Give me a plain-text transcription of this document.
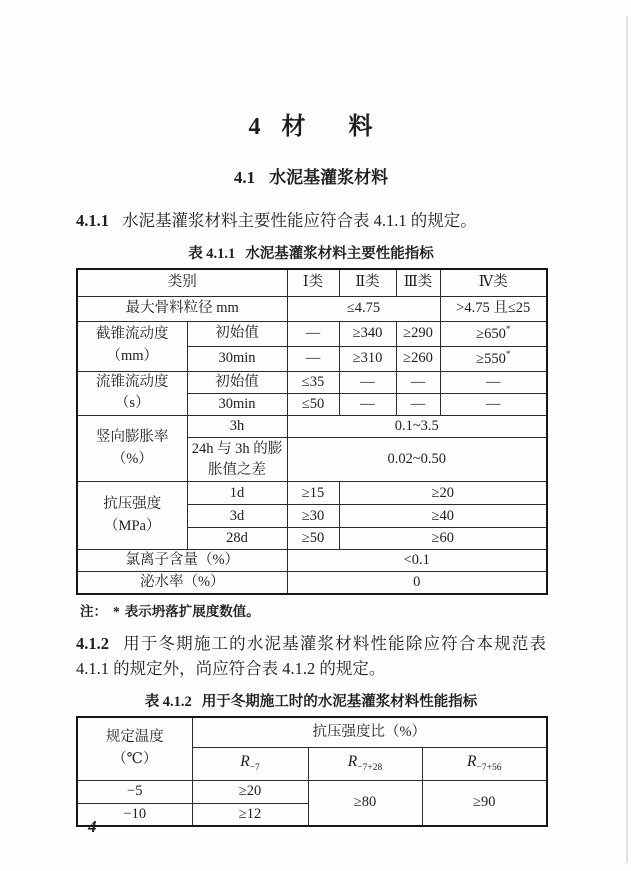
4 材      料
4.1 水泥基灌浆材料

4.1.1 水泥基灌浆材料主要性能应符合表 4.1.1 的规定。

表 4.1.1 水泥基灌浆材料主要性能指标
类别		Ⅰ类	Ⅱ类	Ⅲ类	Ⅳ类
最大骨料粒径 mm		≤4.75			>4.75 且≤25

截锥流动度
（mm）	初始值	—	≥340	≥290	≥650*
	30min	—	≥310	≥260	≥550*

流锥流动度
（s）	初始值	≤35	—	—	—
	30min	≤50	—	—	—

竖向膨胀率
（%）	3h	0.1~3.5			
	24h 与 3h 的膨胀值之差	0.02~0.50			

抗压强度
（MPa）	1d	≥15	≥20		
	3d	≥30	≥40		
	28d	≥50	≥60		
氯离子含量（%）		<0.1			
泌水率（%）		0			
注： * 表示坍落扩展度数值。

4.1.2 用于冬期施工的水泥基灌浆材料性能除应符合本规范表 4.1.1 的规定外，尚应符合表 4.1.2 的规定。

表 4.1.2 用于冬期施工时的水泥基灌浆材料性能指标
规定温度
（℃）	抗压强度比（%）		
	$R_{-7}$	$R_{-7+28}$	$R_{-7+56}$
−5	≥20	≥80	≥90
−10	≥12		
4
